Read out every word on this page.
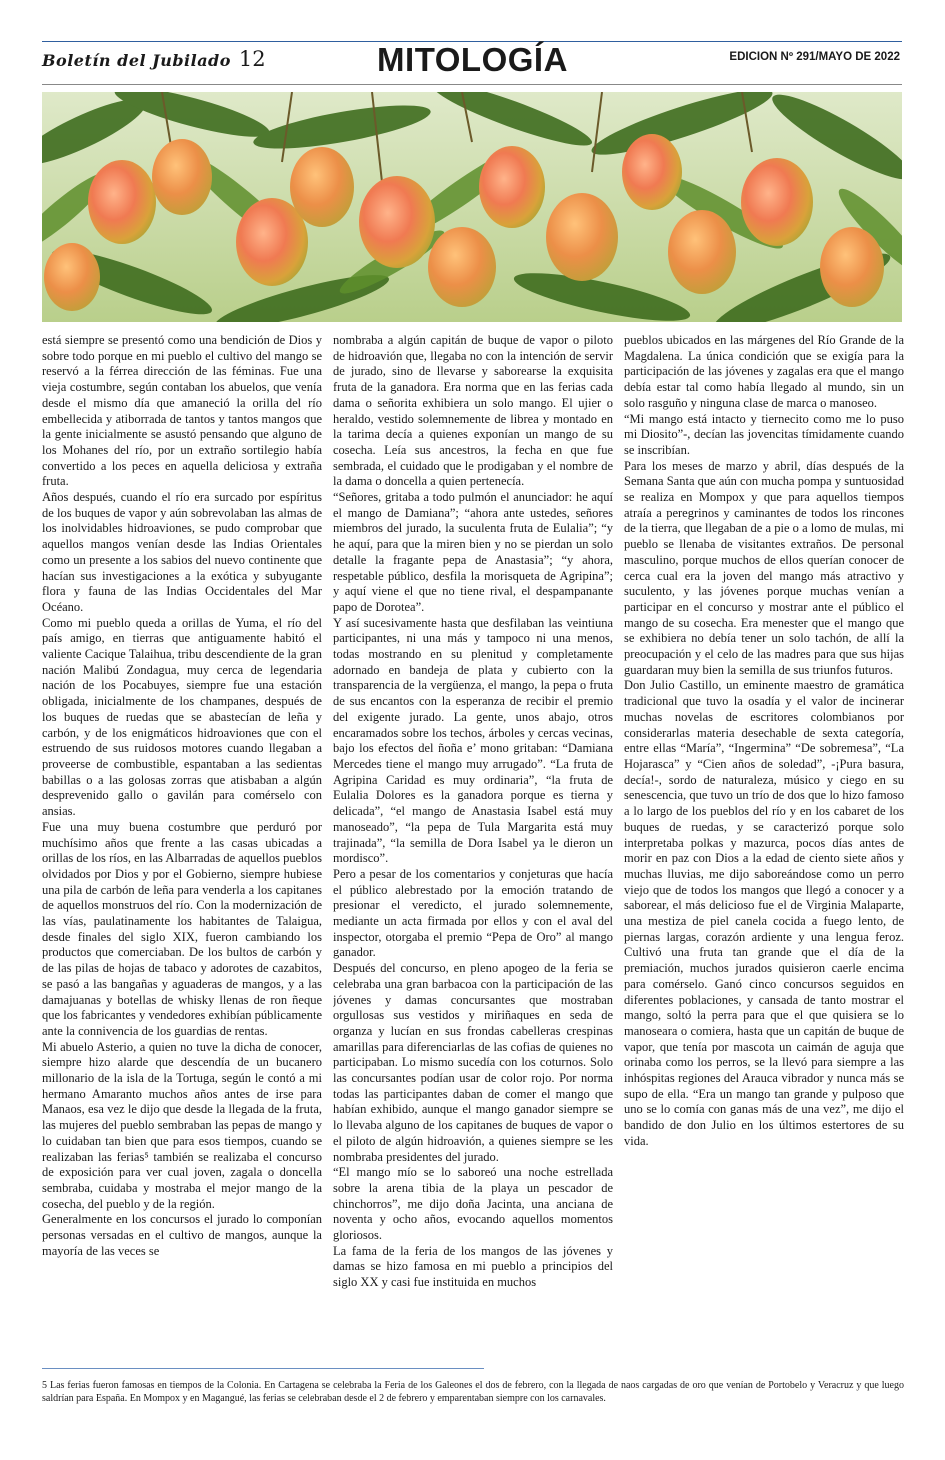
Boletín del Jubilado 12	MITOLOGÍA	EDICION Nº 291/MAYO DE 2022

está siempre se presentó como una bendición de Dios y sobre todo porque en mi pueblo el cultivo del mango se reservó a la férrea dirección de las féminas. Fue una vieja costumbre, según contaban los abuelos, que venía desde el mismo día que amaneció la orilla del río embellecida y atiborrada de tantos y tantos mangos que la gente inicialmente se asustó pensando que alguno de los Mohanes del río, por un extraño sortilegio había convertido a los peces en aquella deliciosa y extraña fruta.

Años después, cuando el río era surcado por espíritus de los buques de vapor y aún sobrevolaban las almas de los inolvidables hidroaviones, se pudo comprobar que aquellos mangos venían desde las Indias Orientales como un presente a los sabios del nuevo continente que hacían sus investigaciones a la exótica y subyugante flora y fauna de las Indias Occidentales del Mar Océano.

Como mi pueblo queda a orillas de Yuma, el río del país amigo, en tierras que antiguamente habitó el valiente Cacique Talaihua, tribu descendiente de la gran nación Malibú Zondagua, muy cerca de legendaria nación de los Pocabuyes, siempre fue una estación obligada, inicialmente de los champanes, después de los buques de ruedas que se abastecían de leña y carbón, y de los enigmáticos hidroaviones que con el estruendo de sus ruidosos motores cuando llegaban a proveerse de combustible, espantaban a las sedientas babillas o a las golosas zorras que atisbaban a algún desprevenido gallo o gavilán para comérselo con ansias.

Fue una muy buena costumbre que perduró por muchísimo años que frente a las casas ubicadas a orillas de los ríos, en las Albarradas de aquellos pueblos olvidados por Dios y por el Gobierno, siempre hubiese una pila de carbón de leña para venderla a los capitanes de aquellos monstruos del río. Con la modernización de las vías, paulatinamente los habitantes de Talaigua, desde finales del siglo XIX, fueron cambiando los productos que comerciaban. De los bultos de carbón y de las pilas de hojas de tabaco y adorotes de cazabitos, se pasó a las bangañas y aguaderas de mangos, y a las damajuanas y botellas de whisky llenas de ron ñeque que los fabricantes y vendedores exhibían públicamente ante la connivencia de los guardias de rentas.

Mi abuelo Asterio, a quien no tuve la dicha de conocer, siempre hizo alarde que descendía de un bucanero millonario de la isla de la Tortuga, según le contó a mi hermano Amaranto muchos años antes de irse para Manaos, esa vez le dijo que desde la llegada de la fruta, las mujeres del pueblo sembraban las pepas de mango y lo cuidaban tan bien que para esos tiempos, cuando se realizaban las ferias⁵ también se realizaba el concurso de exposición para ver cual joven, zagala o doncella sembraba, cuidaba y mostraba el mejor mango de la cosecha, del pueblo y de la región.

Generalmente en los concursos el jurado lo componían personas versadas en el cultivo de mangos, aunque la mayoría de las veces se

nombraba a algún capitán de buque de vapor o piloto de hidroavión que, llegaba no con la intención de servir de jurado, sino de llevarse y saborearse la exquisita fruta de la ganadora. Era norma que en las ferias cada dama o señorita exhibiera un solo mango. El ujier o heraldo, vestido solemnemente de librea y montado en la tarima decía a quienes exponían un mango de su cosecha. Leía sus ancestros, la fecha en que fue sembrada, el cuidado que le prodigaban y el nombre de la dama o doncella a quien pertenecía.

“Señores, gritaba a todo pulmón el anunciador: he aquí el mango de Damiana”; “ahora ante ustedes, señores miembros del jurado, la suculenta fruta de Eulalia”; “y he aquí, para que la miren bien y no se pierdan un solo detalle la fragante pepa de Anastasia”; “y ahora, respetable público, desfila la morisqueta de Agripina”; y aquí viene el que no tiene rival, el despampanante papo de Dorotea”.

Y así sucesivamente hasta que desfilaban las veintiuna participantes, ni una más y tampoco ni una menos, todas mostrando en su plenitud y completamente adornado en bandeja de plata y cubierto con la transparencia de la vergüenza, el mango, la pepa o fruta de sus encantos con la esperanza de recibir el premio del exigente jurado. La gente, unos abajo, otros encaramados sobre los techos, árboles y cercas vecinas, bajo los efectos del ñoña e’ mono gritaban: “Damiana Mercedes tiene el mango muy arrugado”. “La fruta de Agripina Caridad es muy ordinaria”, “la fruta de Eulalia Dolores es la ganadora porque es tierna y delicada”, “el mango de Anastasia Isabel está muy manoseado”, “la pepa de Tula Margarita está muy trajinada”, “la semilla de Dora Isabel ya le dieron un mordisco”.

Pero a pesar de los comentarios y conjeturas que hacía el público alebrestado por la emoción tratando de presionar el veredicto, el jurado solemnemente, mediante un acta firmada por ellos y con el aval del inspector, otorgaba el premio “Pepa de Oro” al mango ganador.

Después del concurso, en pleno apogeo de la feria se celebraba una gran barbacoa con la participación de las jóvenes y damas concursantes que mostraban orgullosas sus vestidos y miriñaques en seda de organza y lucían en sus frondas cabelleras crespinas amarillas para diferenciarlas de las cofias de quienes no participaban. Lo mismo sucedía con los coturnos. Solo las concursantes podían usar de color rojo. Por norma todas las participantes daban de comer el mango que habían exhibido, aunque el mango ganador siempre se lo llevaba alguno de los capitanes de buques de vapor o el piloto de algún hidroavión, a quienes siempre se les nombraba presidentes del jurado.

“El mango mío se lo saboreó una noche estrellada sobre la arena tibia de la playa un pescador de chinchorros”, me dijo doña Jacinta, una anciana de noventa y ocho años, evocando aquellos momentos gloriosos.

La fama de la feria de los mangos de las jóvenes y damas se hizo famosa en mi pueblo a principios del siglo XX y casi fue instituida en muchos

pueblos ubicados en las márgenes del Río Grande de la Magdalena. La única condición que se exigía para la participación de las jóvenes y zagalas era que el mango debía estar tal como había llegado al mundo, sin un solo rasguño y ninguna clase de marca o manoseo.

“Mi mango está intacto y tiernecito como me lo puso mi Diosito”-, decían las jovencitas tímidamente cuando se inscribían.

Para los meses de marzo y abril, días después de la Semana Santa que aún con mucha pompa y suntuosidad se realiza en Mompox y que para aquellos tiempos atraía a peregrinos y caminantes de todos los rincones de la tierra, que llegaban de a pie o a lomo de mulas, mi pueblo se llenaba de visitantes extraños. De personal masculino, porque muchos de ellos querían conocer de cerca cual era la joven del mango más atractivo y suculento, y las jóvenes porque muchas venían a participar en el concurso y mostrar ante el público el mango de su cosecha. Era menester que el mango que se exhibiera no debía tener un solo tachón, de allí la preocupación y el celo de las madres para que sus hijas guardaran muy bien la semilla de sus triunfos futuros.

Don Julio Castillo, un eminente maestro de gramática tradicional que tuvo la osadía y el valor de incinerar muchas novelas de escritores colombianos por considerarlas materia desechable de sexta categoría, entre ellas “María”, “Ingermina” “De sobremesa”, “La Hojarasca” y “Cien años de soledad”, -¡Pura basura, decía!-, sordo de naturaleza, músico y ciego en su senescencia, que tuvo un trío de dos que lo hizo famoso a lo largo de los pueblos del río y en los cabaret de los buques de ruedas, y se caracterizó porque solo interpretaba polkas y mazurca, pocos días antes de morir en paz con Dios a la edad de ciento siete años y muchas lluvias, me dijo saboreándose como un perro viejo que de todos los mangos que llegó a conocer y a saborear, el más delicioso fue el de Virginia Malaparte, una mestiza de piel canela cocida a fuego lento, de piernas largas, corazón ardiente y una lengua feroz. Cultivó una fruta tan grande que el día de la premiación, muchos jurados quisieron caerle encima para comérselo. Ganó cinco concursos seguidos en diferentes poblaciones, y cansada de tanto mostrar el mango, soltó la perra para que el que quisiera se lo manoseara o comiera, hasta que un capitán de buque de vapor, que tenía por mascota un caimán de aguja que orinaba como los perros, se la llevó para siempre a las inhóspitas regiones del Arauca vibrador y nunca más se supo de ella. “Era un mango tan grande y pulposo que uno se lo comía con ganas más de una vez”, me dijo el bandido de don Julio en los últimos estertores de su vida.

5 Las ferias fueron famosas en tiempos de la Colonia. En Cartagena se celebraba la Feria de los Galeones el dos de febrero, con la llegada de naos cargadas de oro que venían de Portobelo y Veracruz y que luego saldrían para España. En Mompox y en Magangué, las ferias se celebraban desde el 2 de febrero y emparentaban siempre con los carnavales.
